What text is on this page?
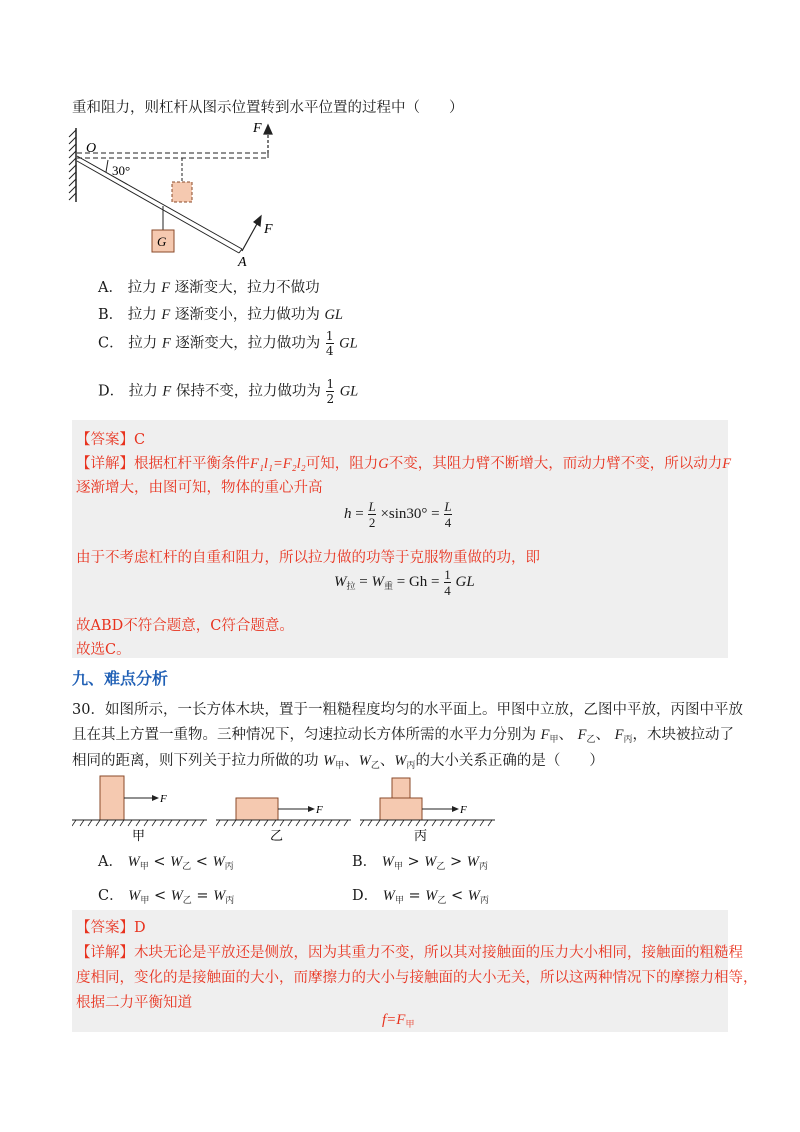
重和阻力，则杠杆从图示位置转到水平位置的过程中（　　）
F
G
F
O
30°
A
A． 拉力 F 逐渐变大，拉力不做功
B． 拉力 F 逐渐变小，拉力做功为 GL
C． 拉力 F 逐渐变大，拉力做功为 $\frac{1}{4}$ GL
D． 拉力 F 保持不变，拉力做功为 $\frac{1}{2}$ GL
【答案】C
【详解】根据杠杆平衡条件F₁l₁=F₂l₂可知，阻力G不变，其阻力臂不断增大，而动力臂不变，所以动力F
逐渐增大，由图可知，物体的重心升高
$h = \frac{L}{2} \times\sin 30^\circ = \frac{L}{4}$
由于不考虑杠杆的自重和阻力，所以拉力做的功等于克服物重做的功，即
$W_拉 = W_重 = Gh = \frac{1}{4}$ GL
故ABD不符合题意，C符合题意。
故选C。
九、难点分析
30．如图所示，一长方体木块，置于一粗糙程度均匀的水平面上。甲图中立放，乙图中平放，丙图中平放
且在其上方置一重物。三种情况下，匀速拉动长方体所需的水平力分别为 $F_甲$、 $F_乙$、 $F_丙$，木块被拉动了
相同的距离，则下列关于拉力所做的功 $W_甲$、$W_乙$、$W_丙$的大小关系正确的是（　　）
F
甲
F
乙
F
丙
A． $W_甲 < W_乙 < W_丙$	B． $W_甲 > W_乙 > W_丙$
C． $W_甲 < W_乙 = W_丙$	D． $W_甲 = W_乙 < W_丙$
【答案】D
【详解】木块无论是平放还是侧放，因为其重力不变，所以其对接触面的压力大小相同，接触面的粗糙程
度相同，变化的是接触面的大小，而摩擦力的大小与接触面的大小无关，所以这两种情况下的摩擦力相等，
根据二力平衡知道
$f=F_甲$
